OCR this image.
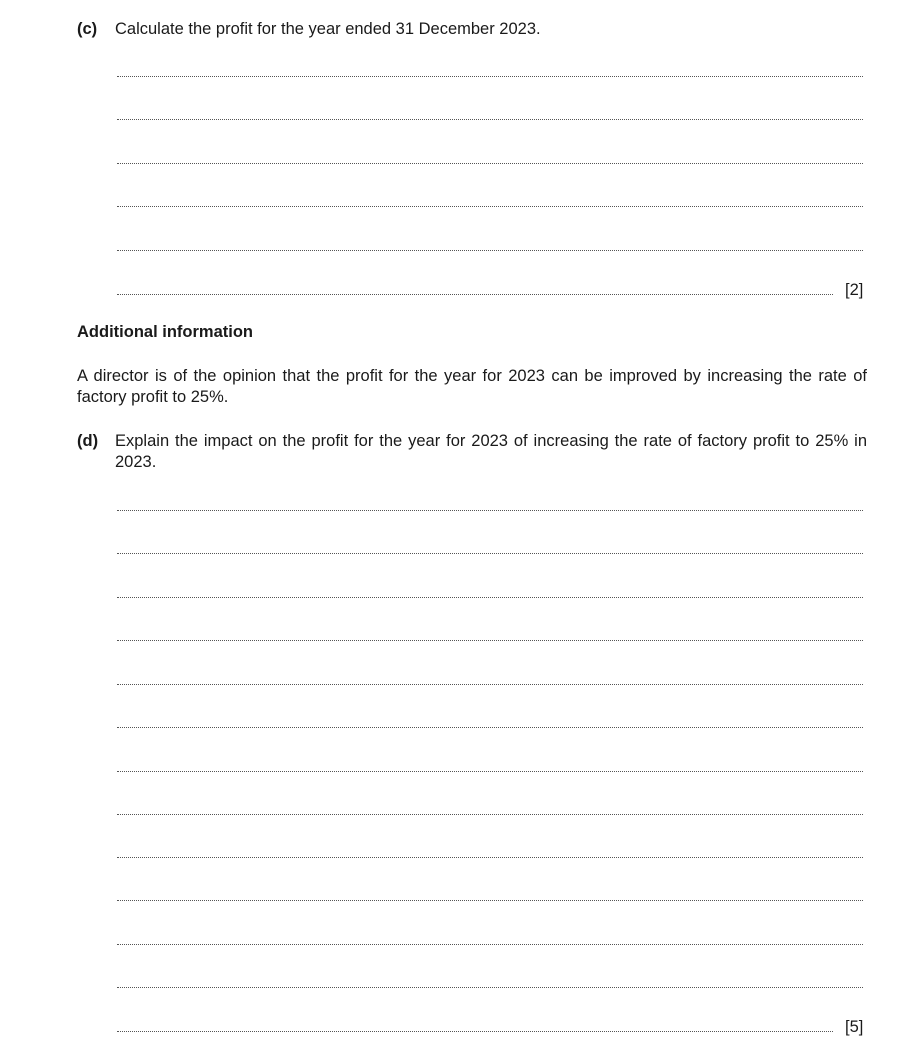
(c) Calculate the profit for the year ended 31 December 2023.
[2]
Additional information
A director is of the opinion that the profit for the year for 2023 can be improved by increasing the rate of factory profit to 25%.
(d) Explain the impact on the profit for the year for 2023 of increasing the rate of factory profit to 25% in 2023.
[5]
